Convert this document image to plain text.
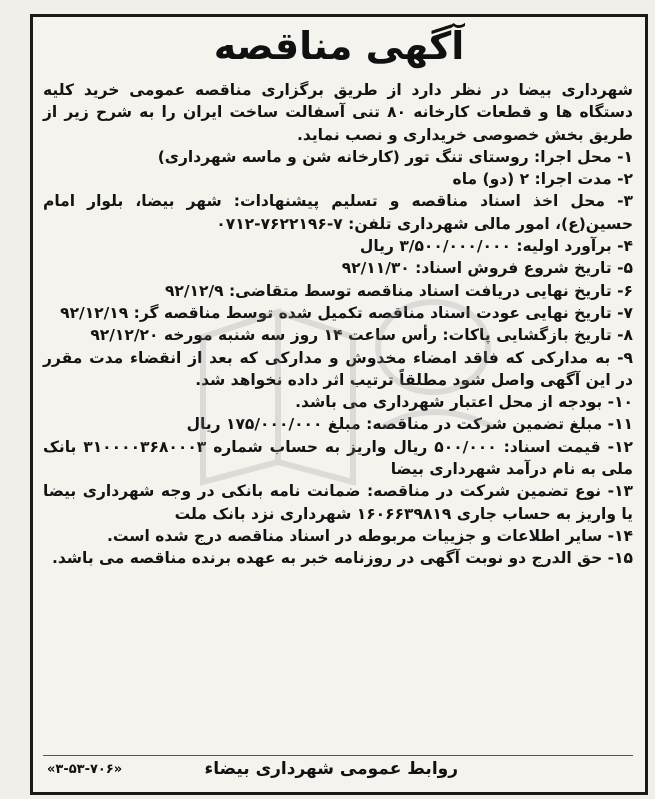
آگهی مناقصه

شهرداری بیضا در نظر دارد از طریق برگزاری مناقصه عمومی خرید کلیه دستگاه ها و قطعات کارخانه ۸۰ تنی آسفالت ساخت ایران را به شرح زیر از طریق بخش خصوصی خریداری و نصب نماید.

۱- محل اجرا: روستای تنگ تور (کارخانه شن و ماسه شهرداری)

۲- مدت اجرا: ۲ (دو) ماه

۳- محل اخذ اسناد مناقصه و تسلیم پیشنهادات: شهر بیضا، بلوار امام حسین(ع)، امور مالی شهرداری تلفن: ۷-۷۶۲۲۱۹۶-۰۷۱۲

۴- برآورد اولیه: ۳/۵۰۰/۰۰۰/۰۰۰ ریال

۵- تاریخ شروع فروش اسناد: ۹۲/۱۱/۳۰

۶- تاریخ نهایی دریافت اسناد مناقصه توسط متقاضی: ۹۲/۱۲/۹

۷- تاریخ نهایی عودت اسناد مناقصه تکمیل شده توسط مناقصه گر: ۹۲/۱۲/۱۹

۸- تاریخ بازگشایی پاکات: رأس ساعت ۱۴ روز سه شنبه مورخه ۹۲/۱۲/۲۰

۹- به مدارکی که فاقد امضاء مخدوش و مدارکی که بعد از انقضاء مدت مقرر در این آگهی واصل شود مطلقاً ترتیب اثر داده نخواهد شد.

۱۰- بودجه از محل اعتبار شهرداری می باشد.

۱۱- مبلغ تضمین شرکت در مناقصه: مبلغ ۱۷۵/۰۰۰/۰۰۰ ریال

۱۲- قیمت اسناد: ۵۰۰/۰۰۰ ریال واریز به حساب شماره ۳۱۰۰۰۰۳۶۸۰۰۰۳ بانک ملی به نام درآمد شهرداری بیضا

۱۳- نوع تضمین شرکت در مناقصه: ضمانت نامه بانکی در وجه شهرداری بیضا یا واریز به حساب جاری ۱۶۰۶۶۳۹۸۱۹ شهرداری نزد بانک ملت

۱۴- سایر اطلاعات و جزییات مربوطه در اسناد مناقصه درج شده است.

۱۵- حق الدرج دو نوبت آگهی در روزنامه خبر به عهده برنده مناقصه می باشد.

روابط عمومی شهرداری بیضاء
«۳-۵۳-۷۰۶»
